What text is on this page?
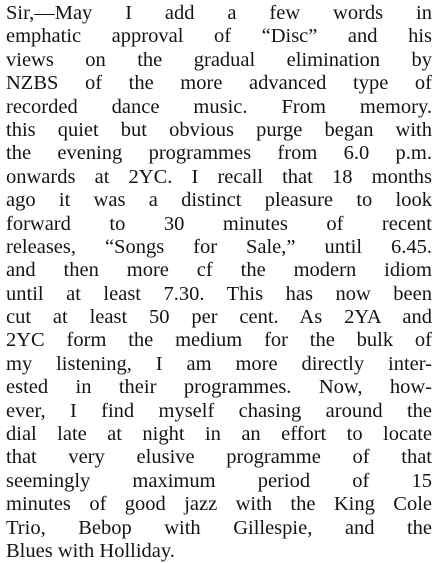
Sir,—May I add a few words in
emphatic approval of “Disc” and his
views on the gradual elimination by
NZBS of the more advanced type of
recorded dance music. From memory.
this quiet but obvious purge began with
the evening programmes from 6.0 p.m.
onwards at 2YC. I recall that 18 months
ago it was a distinct pleasure to look
forward to 30 minutes of recent
releases, “Songs for Sale,” until 6.45.
and then more cf the modern idiom
until at least 7.30. This has now been
cut at least 50 per cent. As 2YA and
2YC form the medium for the bulk of
my listening, I am more directly inter-
ested in their programmes. Now, how-
ever, I find myself chasing around the
dial late at night in an effort to locate
that very elusive programme of that
seemingly maximum period of 15
minutes of good jazz with the King Cole
Trio, Bebop with Gillespie, and the
Blues with Holliday.
